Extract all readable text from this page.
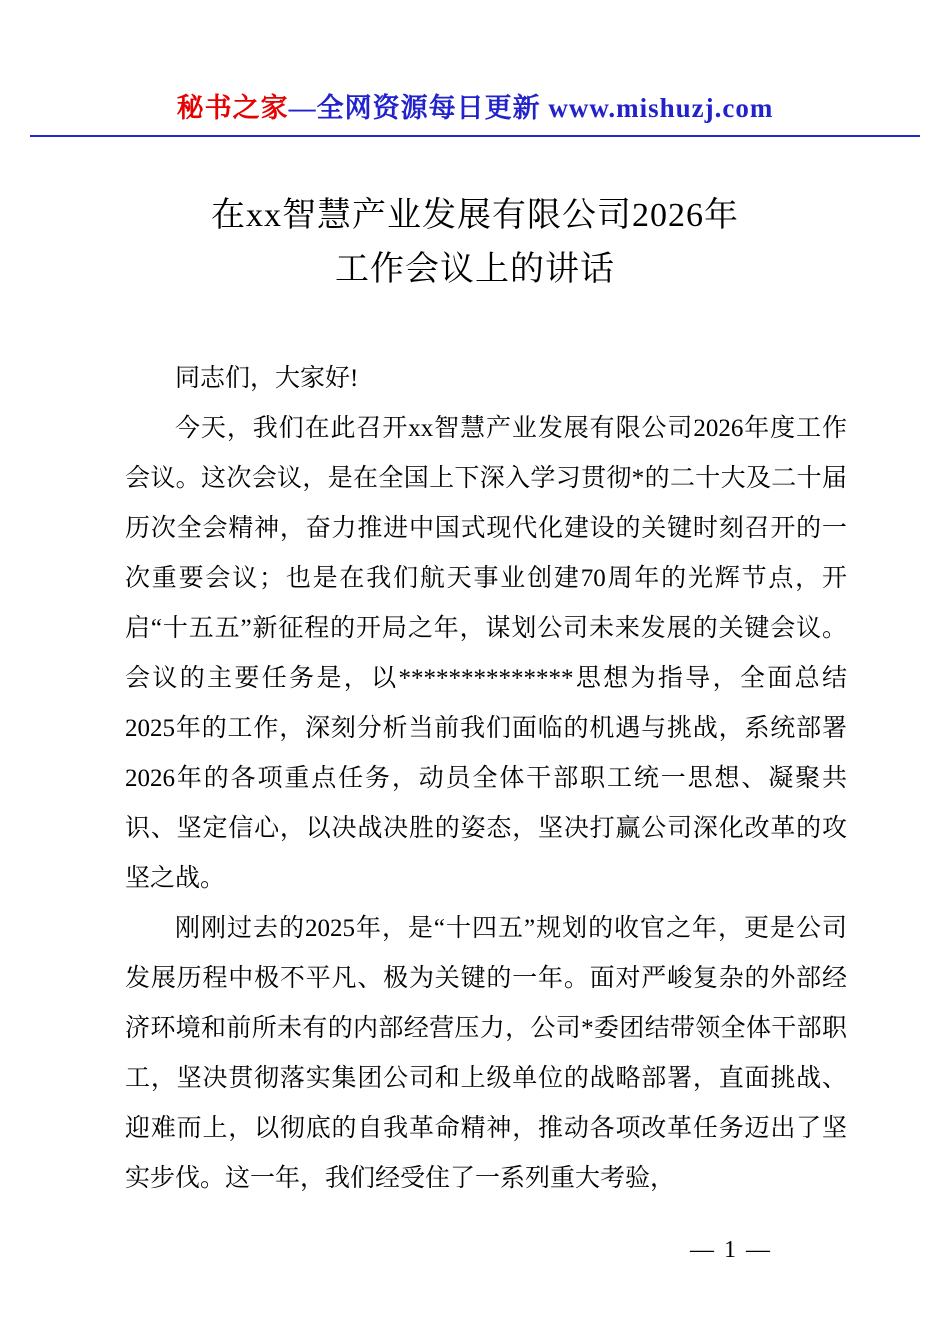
秘书之家—全网资源每日更新 www.mishuzj.com
在xx智慧产业发展有限公司2026年
工作会议上的讲话

同志们，大家好!

今天，我们在此召开xx智慧产业发展有限公司2026年度工作会议。这次会议，是在全国上下深入学习贯彻*的二十大及二十届历次全会精神，奋力推进中国式现代化建设的关键时刻召开的一次重要会议；也是在我们航天事业创建70周年的光辉节点，开启“十五五”新征程的开局之年，谋划公司未来发展的关键会议。会议的主要任务是，以**************思想为指导，全面总结2025年的工作，深刻分析当前我们面临的机遇与挑战，系统部署2026年的各项重点任务，动员全体干部职工统一思想、凝聚共识、坚定信心，以决战决胜的姿态，坚决打赢公司深化改革的攻坚之战。

刚刚过去的2025年，是“十四五”规划的收官之年，更是公司发展历程中极不平凡、极为关键的一年。面对严峻复杂的外部经济环境和前所未有的内部经营压力，公司*委团结带领全体干部职工，坚决贯彻落实集团公司和上级单位的战略部署，直面挑战、迎难而上，以彻底的自我革命精神，推动各项改革任务迈出了坚实步伐。这一年，我们经受住了一系列重大考验，

— 1 —
